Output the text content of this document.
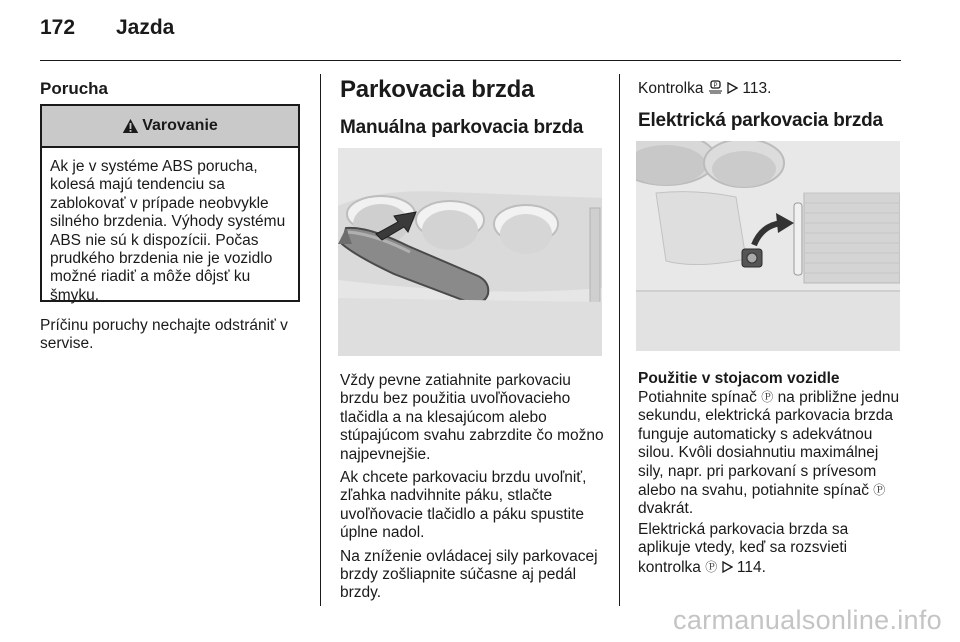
172 Jazda
Porucha
Varovanie
Ak je v systéme ABS porucha, kolesá majú tendenciu sa zablokovať v prípade neobvykle silného brzdenia. Výhody systému ABS nie sú k dispozícii. Počas prudkého brzdenia nie je vozidlo možné riadiť a môže dôjsť ku šmyku.

Príčinu poruchy nechajte odstrániť v servise.

Parkovacia brzda
Manuálna parkovacia brzda

Vždy pevne zatiahnite parkovaciu brzdu bez použitia uvoľňovacieho tlačidla a na klesajúcom alebo stúpajúcom svahu zabrzdite čo možno najpevnejšie.

Ak chcete parkovaciu brzdu uvoľniť, zľahka nadvihnite páku, stlačte uvoľňovacie tlačidlo a páku spustite úplne nadol.

Na zníženie ovládacej sily parkovacej brzdy zošliapnite súčasne aj pedál brzdy.

Kontrolka P 113.
Elektrická parkovacia brzda
Použitie v stojacom vozidle

Potiahnite spínač Ⓟ na približne jednu sekundu, elektrická parkovacia brzda funguje automaticky s adekvátnou silou. Kvôli dosiahnutiu maximálnej sily, napr. pri parkovaní s prívesom alebo na svahu, potiahnite spínač Ⓟ dvakrát.

Elektrická parkovacia brzda sa aplikuje vtedy, keď sa rozsvieti kontrolka Ⓟ 114.

carmanualsonline.info
